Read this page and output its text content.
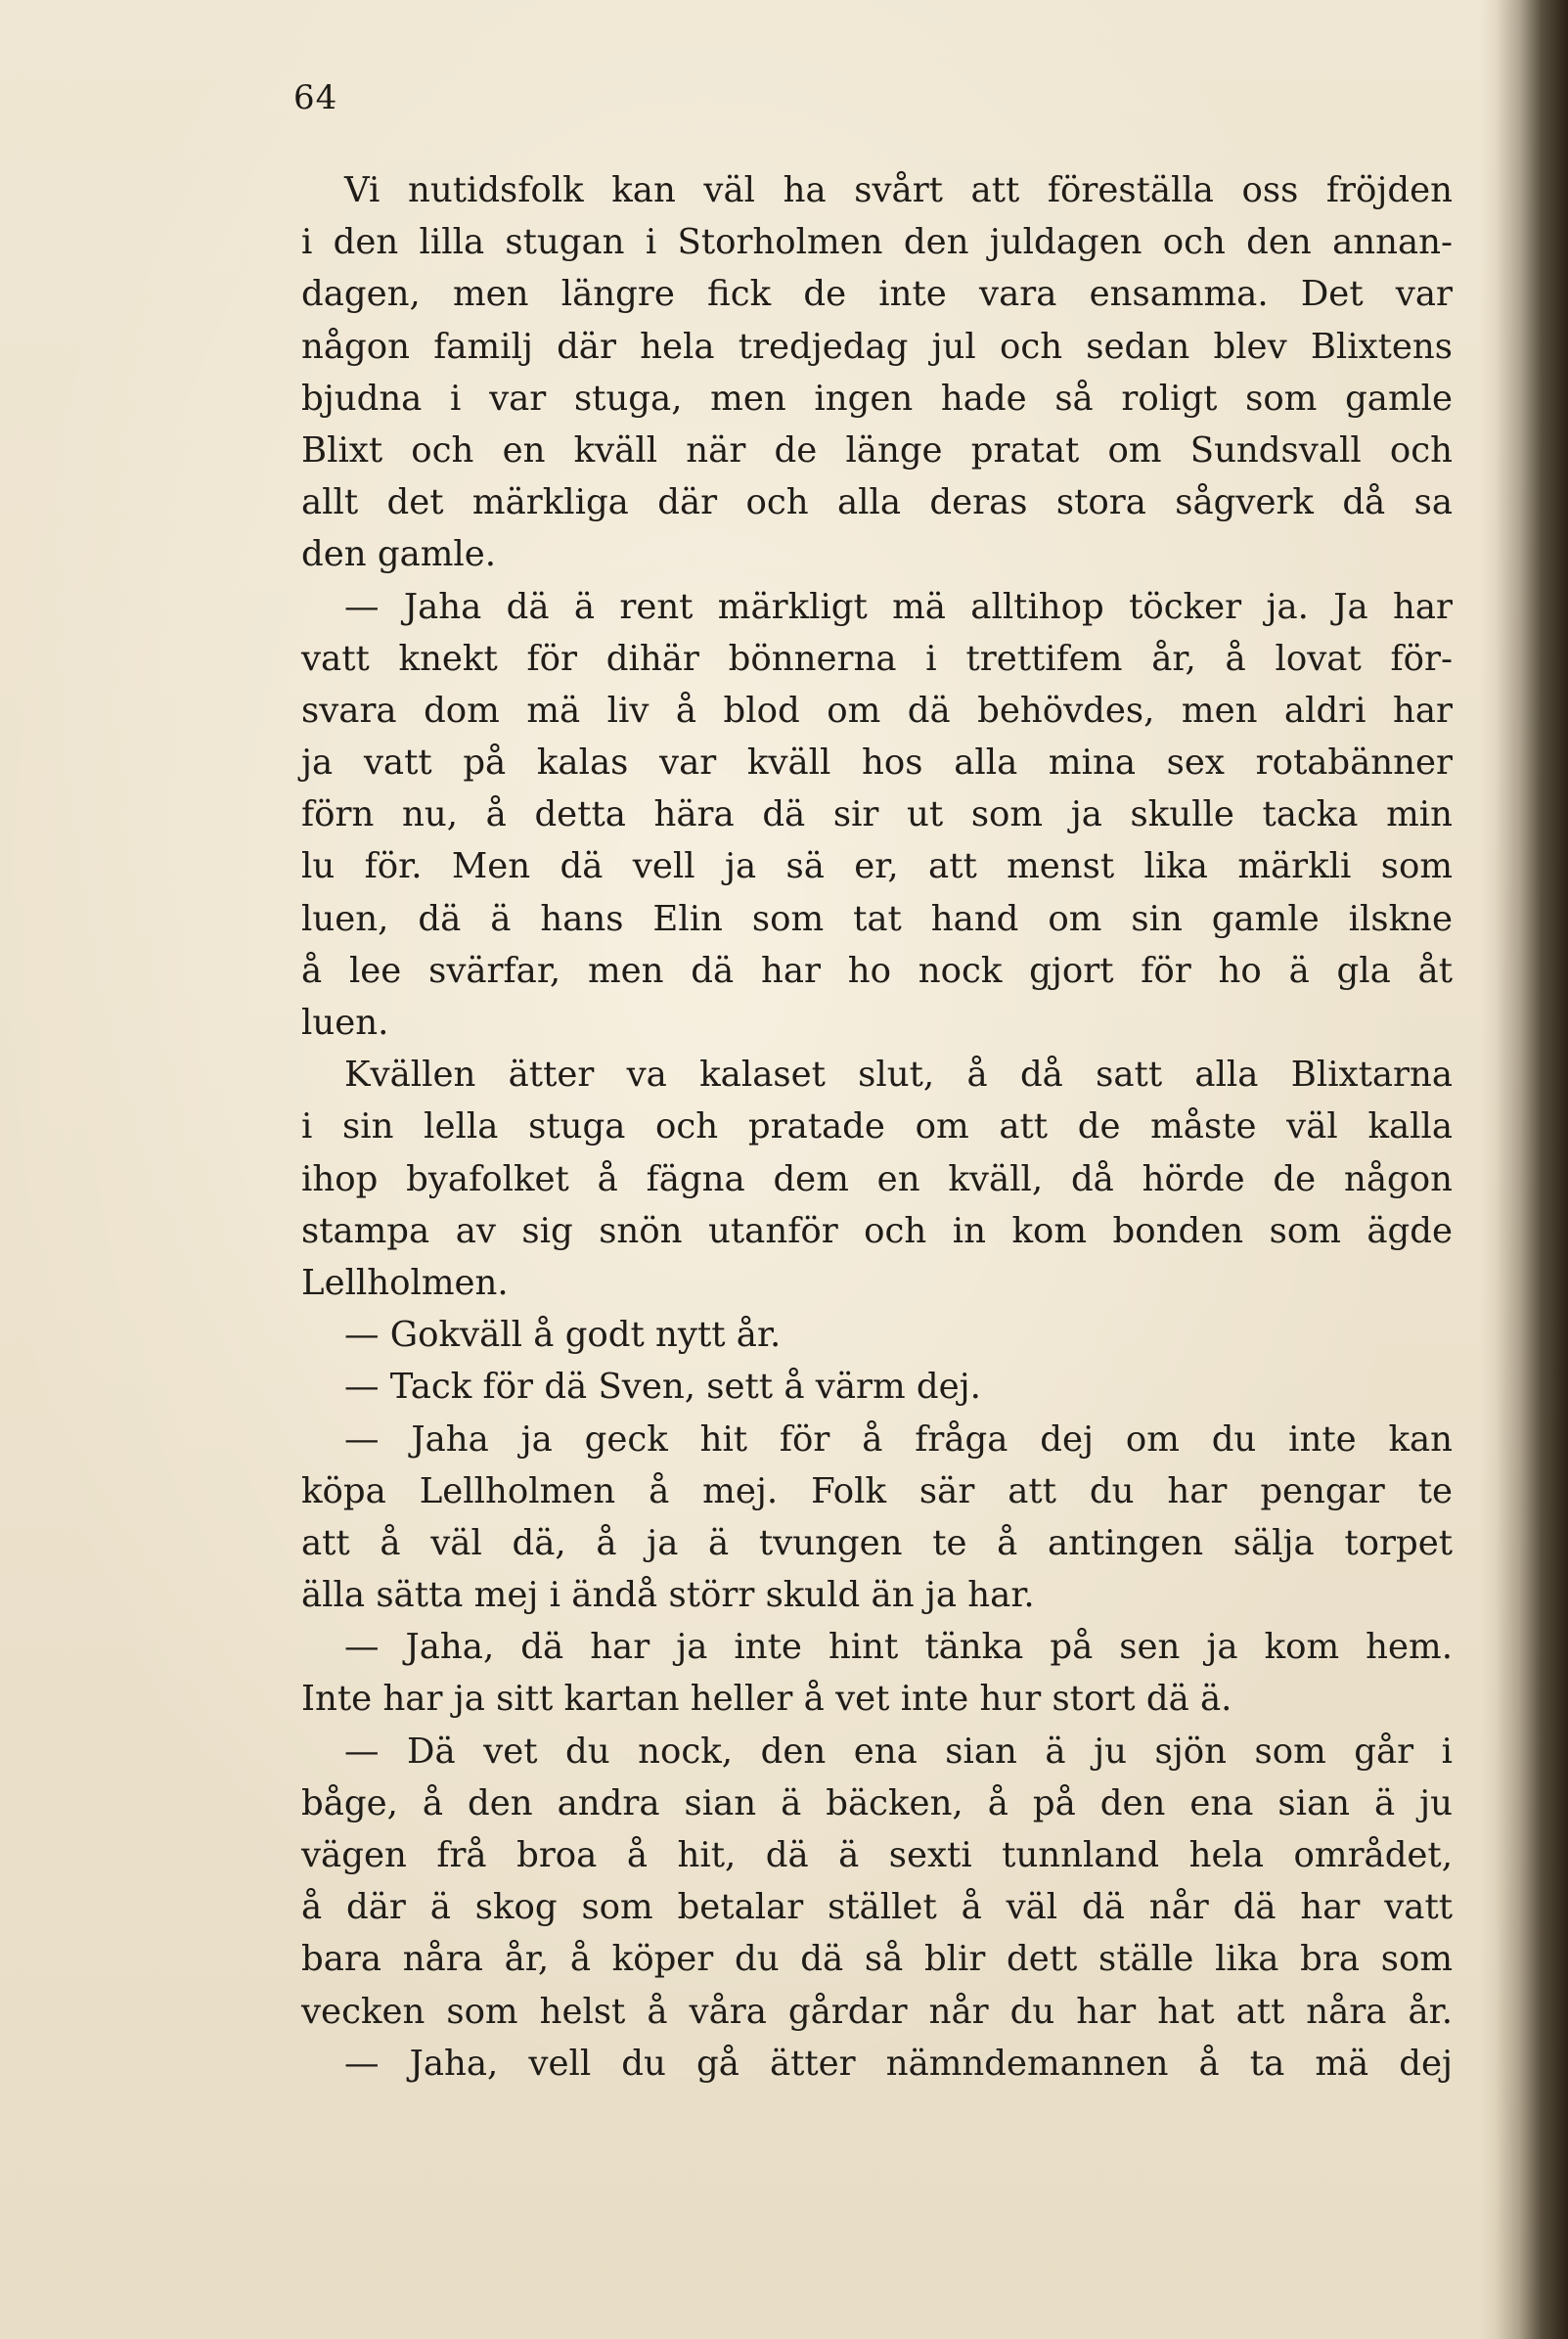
64
Vi nutidsfolk kan väl ha svårt att föreställa oss fröjden
i den lilla stugan i Storholmen den juldagen och den annan-
dagen, men längre fick de inte vara ensamma. Det var
någon familj där hela tredjedag jul och sedan blev Blixtens
bjudna i var stuga, men ingen hade så roligt som gamle
Blixt och en kväll när de länge pratat om Sundsvall och
allt det märkliga där och alla deras stora sågverk då sa
den gamle.
— Jaha dä ä rent märkligt mä alltihop töcker ja. Ja har
vatt knekt för dihär bönnerna i trettifem år, å lovat för-
svara dom mä liv å blod om dä behövdes, men aldri har
ja vatt på kalas var kväll hos alla mina sex rotabänner
förn nu, å detta hära dä sir ut som ja skulle tacka min
lu för. Men dä vell ja sä er, att menst lika märkli som
luen, dä ä hans Elin som tat hand om sin gamle ilskne
å lee svärfar, men dä har ho nock gjort för ho ä gla åt
luen.
Kvällen ätter va kalaset slut, å då satt alla Blixtarna
i sin lella stuga och pratade om att de måste väl kalla
ihop byafolket å fägna dem en kväll, då hörde de någon
stampa av sig snön utanför och in kom bonden som ägde
Lellholmen.
— Gokväll å godt nytt år.
— Tack för dä Sven, sett å värm dej.
— Jaha ja geck hit för å fråga dej om du inte kan
köpa Lellholmen å mej. Folk sär att du har pengar te
att å väl dä, å ja ä tvungen te å antingen sälja torpet
älla sätta mej i ändå störr skuld än ja har.
— Jaha, dä har ja inte hint tänka på sen ja kom hem.
Inte har ja sitt kartan heller å vet inte hur stort dä ä.
— Dä vet du nock, den ena sian ä ju sjön som går i
båge, å den andra sian ä bäcken, å på den ena sian ä ju
vägen frå broa å hit, dä ä sexti tunnland hela området,
å där ä skog som betalar stället å väl dä når dä har vatt
bara nåra år, å köper du dä så blir dett ställe lika bra som
vecken som helst å våra gårdar når du har hat att nåra år.
— Jaha, vell du gå ätter nämndemannen å ta mä dej
